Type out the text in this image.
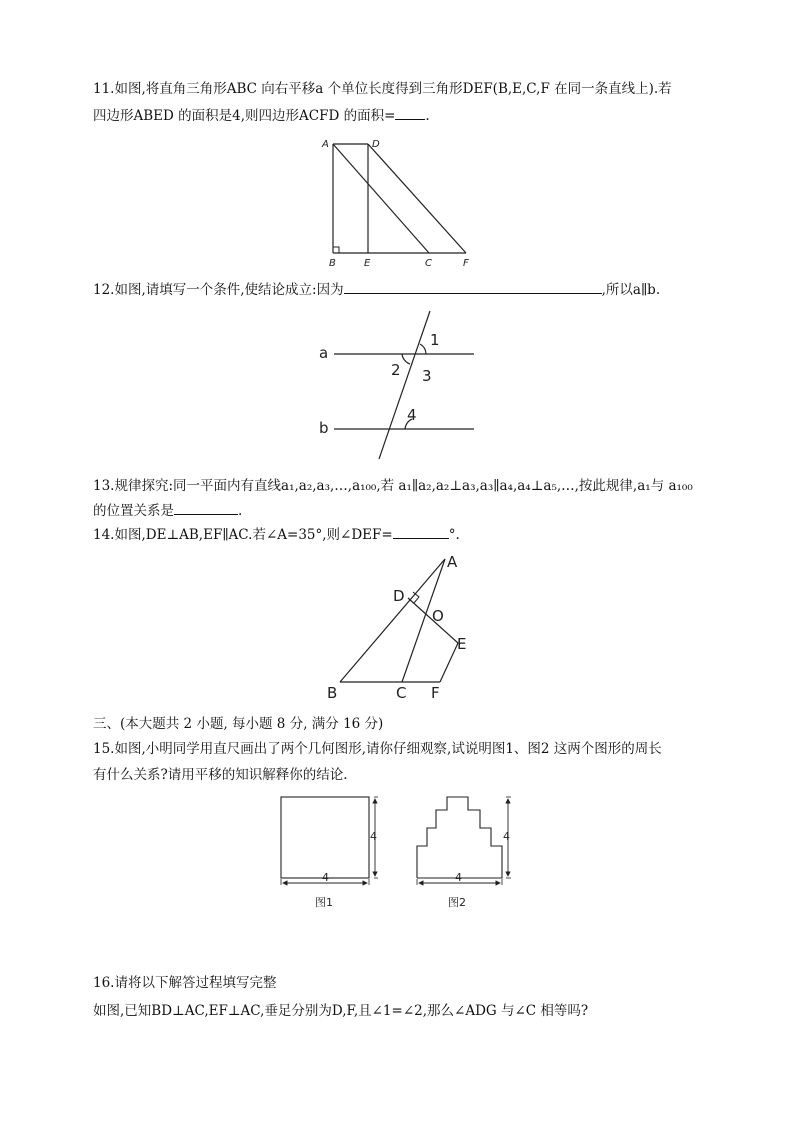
11.如图,将直角三角形ABC 向右平移a 个单位长度得到三角形DEF(B,E,C,F 在同一条直线上).若
四边形ABED 的面积是4,则四边形ACFD 的面积= .
A	D
B	E	C	F
12.如图,请填写一个条件,使结论成立:因为	,所以a∥b.
a
b
1
2 3
4
13.规律探究:同一平面内有直线a₁,a₂,a₃,…,a₁₀₀,若 a₁∥a₂,a₂⊥a₃,a₃∥a₄,a₄⊥a₅,…,按此规律,a₁与 a₁₀₀
的位置关系是	.
14.如图,DE⊥AB,EF∥AC.若∠A=35°,则∠DEF=	°.
A
D
O
E
B	C F
三、(本大题共 2 小题, 每小题 8 分, 满分 16 分)
15.如图,小明同学用直尺画出了两个几何图形,请你仔细观察,试说明图1、图2 这两个图形的周长
有什么关系?请用平移的知识解释你的结论.
4
4
图1
4
4
图2
16.请将以下解答过程填写完整
如图,已知BD⊥AC,EF⊥AC,垂足分别为D,F,且∠1=∠2,那么∠ADG 与∠C 相等吗?
